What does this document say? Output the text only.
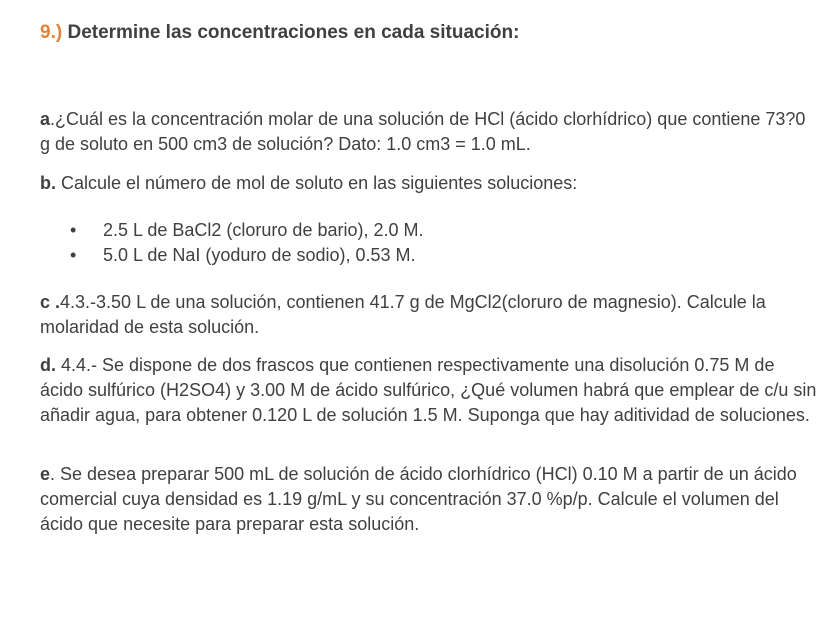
9.) Determine las concentraciones en cada situación:
a.¿Cuál es la concentración molar de una solución de HCl (ácido clorhídrico) que contiene 73?0 g de soluto en 500 cm3 de solución? Dato: 1.0 cm3 = 1.0 mL.
b. Calcule el número de mol de soluto en las siguientes soluciones:
• 2.5 L de BaCl2 (cloruro de bario), 2.0 M.
• 5.0 L de NaI (yoduro de sodio), 0.53 M.
c .4.3.-3.50 L de una solución, contienen 41.7 g de MgCl2(cloruro de magnesio). Calcule la molaridad de esta solución.
d. 4.4.- Se dispone de dos frascos que contienen respectivamente una disolución 0.75 M de ácido sulfúrico (H2SO4) y 3.00 M de ácido sulfúrico, ¿Qué volumen habrá que emplear de c/u sin añadir agua, para obtener 0.120 L de solución 1.5 M. Suponga que hay aditividad de soluciones.
e. Se desea preparar 500 mL de solución de ácido clorhídrico (HCl) 0.10 M a partir de un ácido comercial cuya densidad es 1.19 g/mL y su concentración 37.0 %p/p. Calcule el volumen del ácido que necesite para preparar esta solución.
